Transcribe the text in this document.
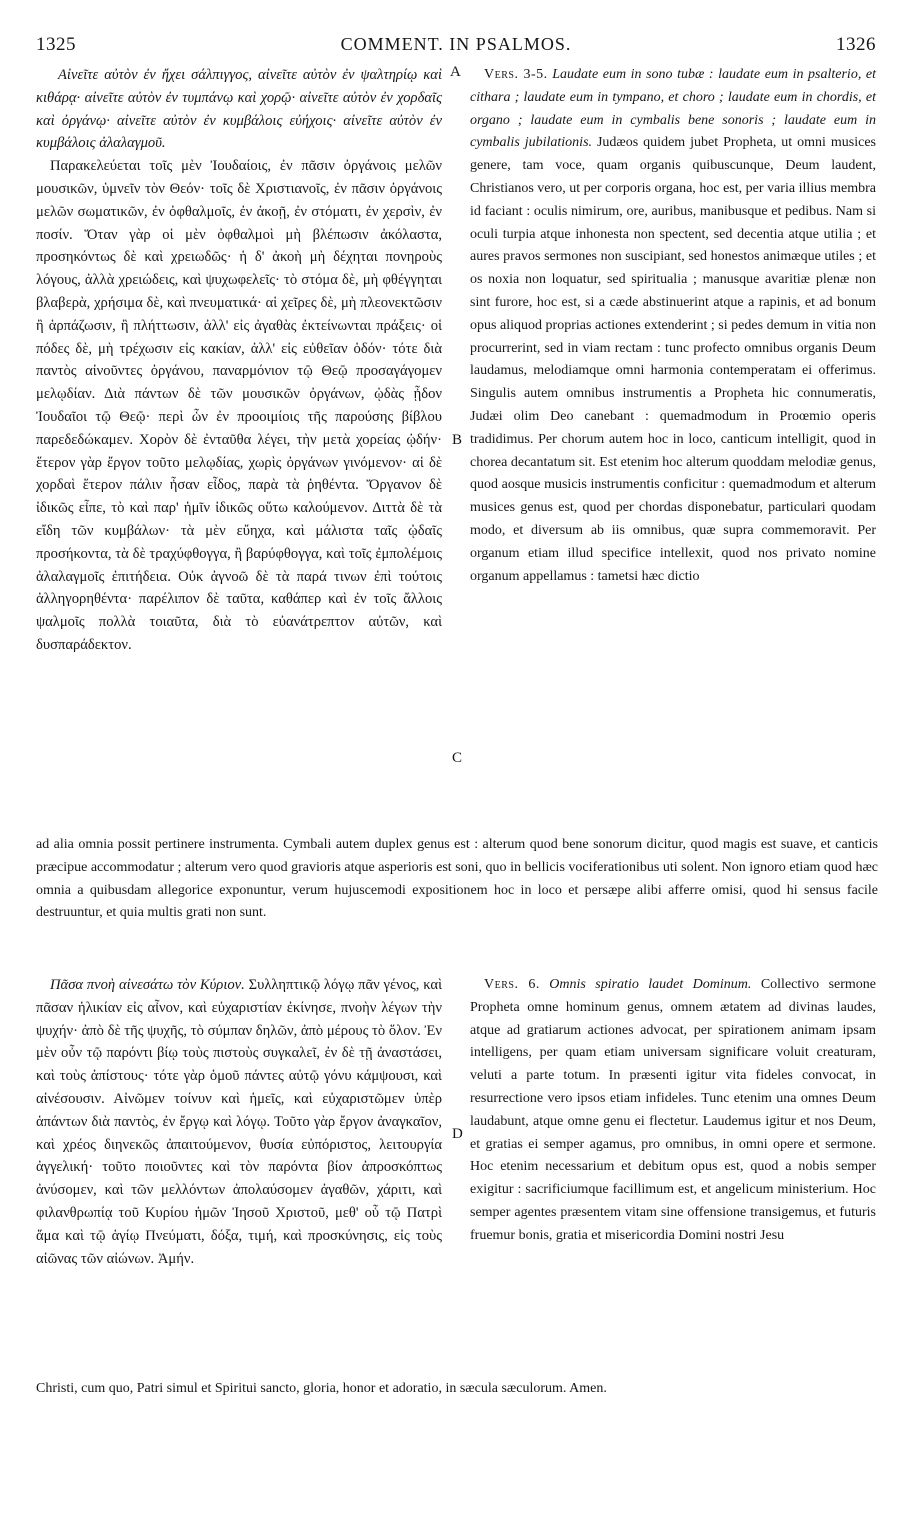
1325	COMMENT. IN PSALMOS.	1326
A
B
C
D

Αἰνεῖτε αὐτὸν ἐν ἤχει σάλπιγγος, αἰνεῖτε αὐτὸν ἐν ψαλτηρίῳ καὶ κιθάρᾳ· αἰνεῖτε αὐτὸν ἐν τυμπάνῳ καὶ χορῷ· αἰνεῖτε αὐτὸν ἐν χορδαῖς καὶ ὀργάνῳ· αἰνεῖτε αὐτὸν ἐν κυμβάλοις εὐήχοις· αἰνεῖτε αὐτὸν ἐν κυμβάλοις ἀλαλαγμοῦ.

Παρακελεύεται τοῖς μὲν Ἰουδαίοις, ἐν πᾶσιν ὀργάνοις μελῶν μουσικῶν, ὑμνεῖν τὸν Θεόν· τοῖς δὲ Χριστιανοῖς, ἐν πᾶσιν ὀργάνοις μελῶν σωματικῶν, ἐν ὀφθαλμοῖς, ἐν ἀκοῇ, ἐν στόματι, ἐν χερσὶν, ἐν ποσίν. Ὅταν γὰρ οἱ μὲν ὀφθαλμοὶ μὴ βλέπωσιν ἀκόλαστα, προσηκόντως δὲ καὶ χρειωδῶς· ἡ δ' ἀκοὴ μὴ δέχηται πονηροὺς λόγους, ἀλλὰ χρειώδεις, καὶ ψυχωφελεῖς· τὸ στόμα δὲ, μὴ φθέγγηται βλαβερὰ, χρήσιμα δὲ, καὶ πνευματικά· αἱ χεῖρες δὲ, μὴ πλεονεκτῶσιν ἢ ἁρπάζωσιν, ἢ πλήττωσιν, ἀλλ' εἰς ἀγαθὰς ἐκτείνωνται πράξεις· οἱ πόδες δὲ, μὴ τρέχωσιν εἰς κακίαν, ἀλλ' εἰς εὐθεῖαν ὁδόν· τότε διὰ παντὸς αἰνοῦντες ὀργάνου, παναρμόνιον τῷ Θεῷ προσαγάγομεν μελῳδίαν. Διὰ πάντων δὲ τῶν μουσικῶν ὀργάνων, ᾠδὰς ᾖδον Ἰουδαῖοι τῷ Θεῷ· περὶ ὧν ἐν προοιμίοις τῆς παρούσης βίβλου παρεδεδώκαμεν. Χορὸν δὲ ἐνταῦθα λέγει, τὴν μετὰ χορείας ᾠδήν· ἕτερον γὰρ ἔργον τοῦτο μελῳδίας, χωρὶς ὀργάνων γινόμενον· αἱ δὲ χορδαὶ ἕτερον πάλιν ἦσαν εἶδος, παρὰ τὰ ῥηθέντα. Ὄργανον δὲ ἰδικῶς εἶπε, τὸ καὶ παρ' ἡμῖν ἰδικῶς οὕτω καλούμενον. Διττὰ δὲ τὰ εἴδη τῶν κυμβάλων· τὰ μὲν εὔηχα, καὶ μάλιστα ταῖς ᾠδαῖς προσήκοντα, τὰ δὲ τραχύφθογγα, ἢ βαρύφθογγα, καὶ τοῖς ἐμπολέμοις ἀλαλαγμοῖς ἐπιτήδεια. Οὐκ ἀγνοῶ δὲ τὰ παρά τινων ἐπὶ τούτοις ἀλληγορηθέντα· παρέλιπον δὲ ταῦτα, καθάπερ καὶ ἐν τοῖς ἄλλοις ψαλμοῖς πολλὰ τοιαῦτα, διὰ τὸ εὐανάτρεπτον αὐτῶν, καὶ δυσπαράδεκτον.

Vers. 3-5. Laudate eum in sono tubæ : laudate eum in psalterio, et cithara ; laudate eum in tympano, et choro ; laudate eum in chordis, et organo ; laudate eum in cymbalis bene sonoris ; laudate eum in cymbalis jubilationis. Judæos quidem jubet Propheta, ut omni musices genere, tam voce, quam organis quibuscunque, Deum laudent, Christianos vero, ut per corporis organa, hoc est, per varia illius membra id faciant : oculis nimirum, ore, auribus, manibusque et pedibus. Nam si oculi turpia atque inhonesta non spectent, sed decentia atque utilia ; et aures pravos sermones non suscipiant, sed honestos animæque utiles ; et os noxia non loquatur, sed spiritualia ; manusque avaritiæ plenæ non sint furore, hoc est, si a cæde abstinuerint atque a rapinis, et ad bonum opus aliquod proprias actiones extenderint ; si pedes demum in vitia non procurrerint, sed in viam rectam : tunc profecto omnibus organis Deum laudamus, melodiamque omni harmonia contemperatam ei offerimus. Singulis autem omnibus instrumentis a Propheta hic connumeratis, Judæi olim Deo canebant : quemadmodum in Proœmio operis tradidimus. Per chorum autem hoc in loco, canticum intelligit, quod in chorea decantatum sit. Est etenim hoc alterum quoddam melodiæ genus, quod aosque musicis instrumentis conficitur : quemadmodum et alterum musices genus est, quod per chordas disponebatur, particulari quodam modo, et diversum ab iis omnibus, quæ supra commemoravit. Per organum etiam illud specifice intellexit, quod nos privato nomine organum appellamus : tametsi hæc dictio

ad alia omnia possit pertinere instrumenta. Cymbali autem duplex genus est : alterum quod bene sonorum dicitur, quod magis est suave, et canticis præcipue accommodatur ; alterum vero quod gravioris atque asperioris est soni, quo in bellicis vociferationibus uti solent. Non ignoro etiam quod hæc omnia a quibusdam allegorice exponuntur, verum hujuscemodi expositionem hoc in loco et persæpe alibi afferre omisi, quod hi sensus facile destruuntur, et quia multis grati non sunt.

Πᾶσα πνοὴ αἰνεσάτω τὸν Κύριον. Συλληπτικῷ λόγῳ πᾶν γένος, καὶ πᾶσαν ἡλικίαν εἰς αἶνον, καὶ εὐχαριστίαν ἐκίνησε, πνοὴν λέγων τὴν ψυχήν· ἀπὸ δὲ τῆς ψυχῆς, τὸ σύμπαν δηλῶν, ἀπὸ μέρους τὸ ὅλον. Ἐν μὲν οὖν τῷ παρόντι βίῳ τοὺς πιστοὺς συγκαλεῖ, ἐν δὲ τῇ ἀναστάσει, καὶ τοὺς ἀπίστους· τότε γὰρ ὁμοῦ πάντες αὐτῷ γόνυ κάμψουσι, καὶ αἰνέσουσιν. Αἰνῶμεν τοίνυν καὶ ἡμεῖς, καὶ εὐχαριστῶμεν ὑπὲρ ἁπάντων διὰ παντὸς, ἐν ἔργῳ καὶ λόγῳ. Τοῦτο γὰρ ἔργον ἀναγκαῖον, καὶ χρέος διηνεκῶς ἀπαιτούμενον, θυσία εὐπόριστος, λειτουργία ἀγγελική· τοῦτο ποιοῦντες καὶ τὸν παρόντα βίον ἀπροσκόπτως ἀνύσομεν, καὶ τῶν μελλόντων ἀπολαύσομεν ἀγαθῶν, χάριτι, καὶ φιλανθρωπίᾳ τοῦ Κυρίου ἡμῶν Ἰησοῦ Χριστοῦ, μεθ' οὗ τῷ Πατρὶ ἅμα καὶ τῷ ἁγίῳ Πνεύματι, δόξα, τιμή, καὶ προσκύνησις, εἰς τοὺς αἰῶνας τῶν αἰώνων. Ἀμήν.

Vers. 6. Omnis spiratio laudet Dominum. Collectivo sermone Propheta omne hominum genus, omnem ætatem ad divinas laudes, atque ad gratiarum actiones advocat, per spirationem animam ipsam intelligens, per quam etiam universam significare voluit creaturam, veluti a parte totum. In præsenti igitur vita fideles convocat, in resurrectione vero ipsos etiam infideles. Tunc etenim una omnes Deum laudabunt, atque omne genu ei flectetur. Laudemus igitur et nos Deum, et gratias ei semper agamus, pro omnibus, in omni opere et sermone. Hoc etenim necessarium et debitum opus est, quod a nobis semper exigitur : sacrificiumque facillimum est, et angelicum ministerium. Hoc semper agentes præsentem vitam sine offensione transigemus, et futuris fruemur bonis, gratia et misericordia Domini nostri Jesu

Christi, cum quo, Patri simul et Spiritui sancto, gloria, honor et adoratio, in sæcula sæculorum. Amen.
